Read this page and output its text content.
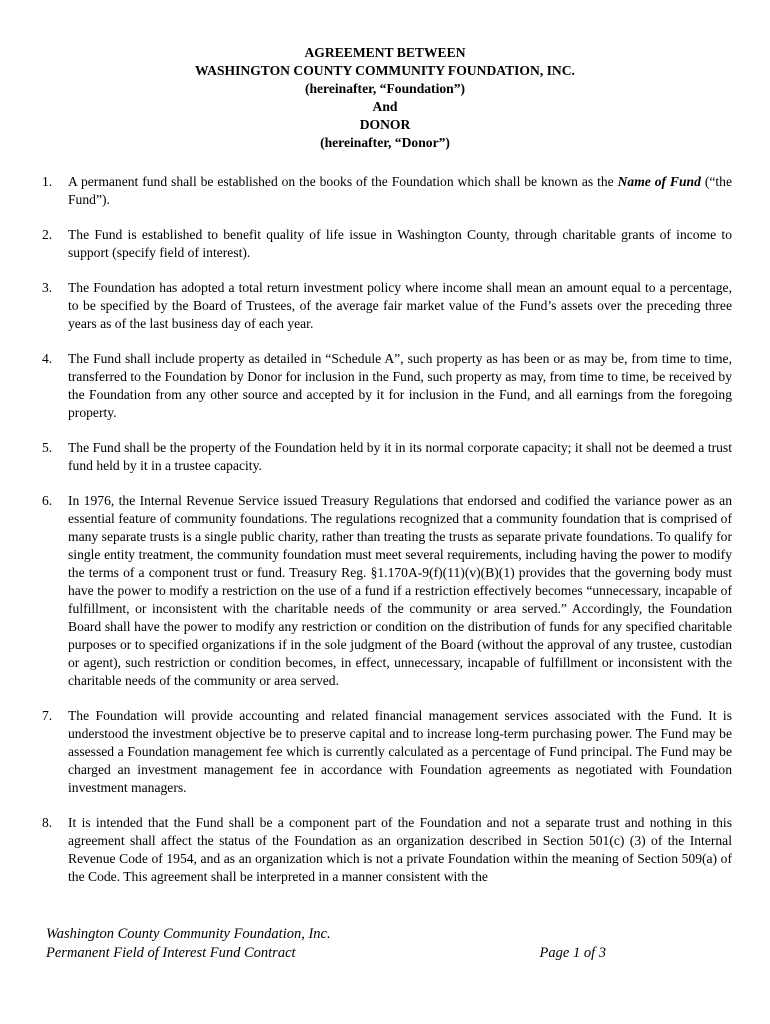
AGREEMENT BETWEEN
WASHINGTON COUNTY COMMUNITY FOUNDATION, INC.
(hereinafter, “Foundation”)
And
DONOR
(hereinafter, “Donor”)
1.	A permanent fund shall be established on the books of the Foundation which shall be known as the Name of Fund (“the Fund”).
2.	The Fund is established to benefit quality of life issue in Washington County, through charitable grants of income to support (specify field of interest).
3.	The Foundation has adopted a total return investment policy where income shall mean an amount equal to a percentage, to be specified by the Board of Trustees, of the average fair market value of the Fund’s assets over the preceding three years as of the last business day of each year.
4.	The Fund shall include property as detailed in “Schedule A”, such property as has been or as may be, from time to time, transferred to the Foundation by Donor for inclusion in the Fund, such property as may, from time to time, be received by the Foundation from any other source and accepted by it for inclusion in the Fund, and all earnings from the foregoing property.
5.	The Fund shall be the property of the Foundation held by it in its normal corporate capacity; it shall not be deemed a trust fund held by it in a trustee capacity.
6.	In 1976, the Internal Revenue Service issued Treasury Regulations that endorsed and codified the variance power as an essential feature of community foundations. The regulations recognized that a community foundation that is comprised of many separate trusts is a single public charity, rather than treating the trusts as separate private foundations. To qualify for single entity treatment, the community foundation must meet several requirements, including having the power to modify the terms of a component trust or fund. Treasury Reg. §1.170A-9(f)(11)(v)(B)(1) provides that the governing body must have the power to modify a restriction on the use of a fund if a restriction effectively becomes “unnecessary, incapable of fulfillment, or inconsistent with the charitable needs of the community or area served.” Accordingly, the Foundation Board shall have the power to modify any restriction or condition on the distribution of funds for any specified charitable purposes or to specified organizations if in the sole judgment of the Board (without the approval of any trustee, custodian or agent), such restriction or condition becomes, in effect, unnecessary, incapable of fulfillment or inconsistent with the charitable needs of the community or area served.
7.	The Foundation will provide accounting and related financial management services associated with the Fund. It is understood the investment objective be to preserve capital and to increase long-term purchasing power. The Fund may be assessed a Foundation management fee which is currently calculated as a percentage of Fund principal. The Fund may be charged an investment management fee in accordance with Foundation agreements as negotiated with Foundation investment managers.
8.	It is intended that the Fund shall be a component part of the Foundation and not a separate trust and nothing in this agreement shall affect the status of the Foundation as an organization described in Section 501(c) (3) of the Internal Revenue Code of 1954, and as an organization which is not a private Foundation within the meaning of Section 509(a) of the Code. This agreement shall be interpreted in a manner consistent with the
Washington County Community Foundation, Inc.
Permanent Field of Interest Fund Contract	Page 1 of 3
